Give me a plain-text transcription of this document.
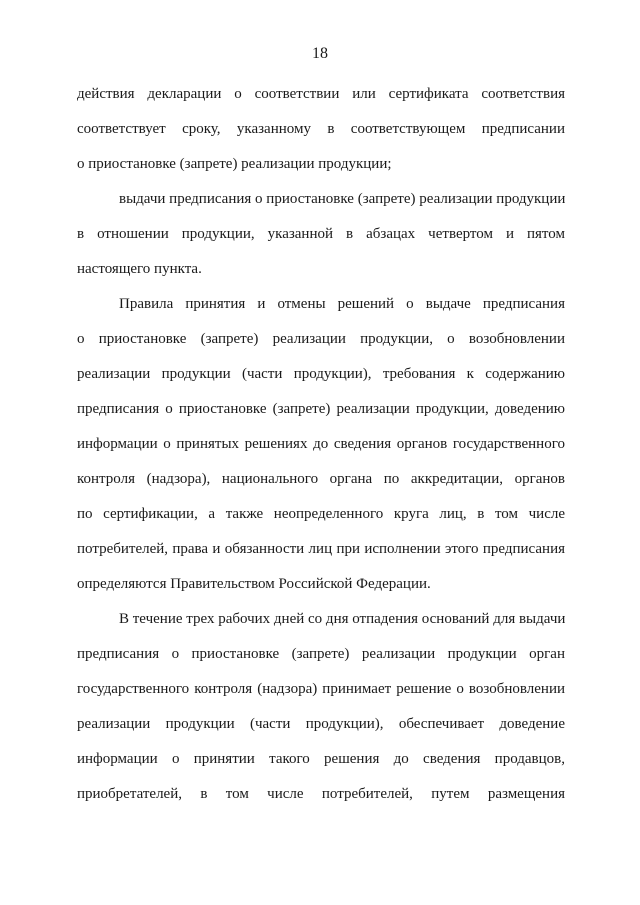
18
действия декларации о соответствии или сертификата соответствия
соответствует сроку, указанному в соответствующем предписании
о приостановке (запрете) реализации продукции;
выдачи предписания о приостановке (запрете) реализации продукции
в отношении продукции, указанной в абзацах четвертом и пятом
настоящего пункта.
Правила принятия и отмены решений о выдаче предписания
о приостановке (запрете) реализации продукции, о возобновлении
реализации продукции (части продукции), требования к содержанию
предписания о приостановке (запрете) реализации продукции, доведению
информации о принятых решениях до сведения органов государственного
контроля (надзора), национального органа по аккредитации, органов
по сертификации, а также неопределенного круга лиц, в том числе
потребителей, права и обязанности лиц при исполнении этого предписания
определяются Правительством Российской Федерации.
В течение трех рабочих дней со дня отпадения оснований для выдачи
предписания о приостановке (запрете) реализации продукции орган
государственного контроля (надзора) принимает решение о возобновлении
реализации продукции (части продукции), обеспечивает доведение
информации о принятии такого решения до сведения продавцов,
приобретателей, в том числе потребителей, путем размещения
